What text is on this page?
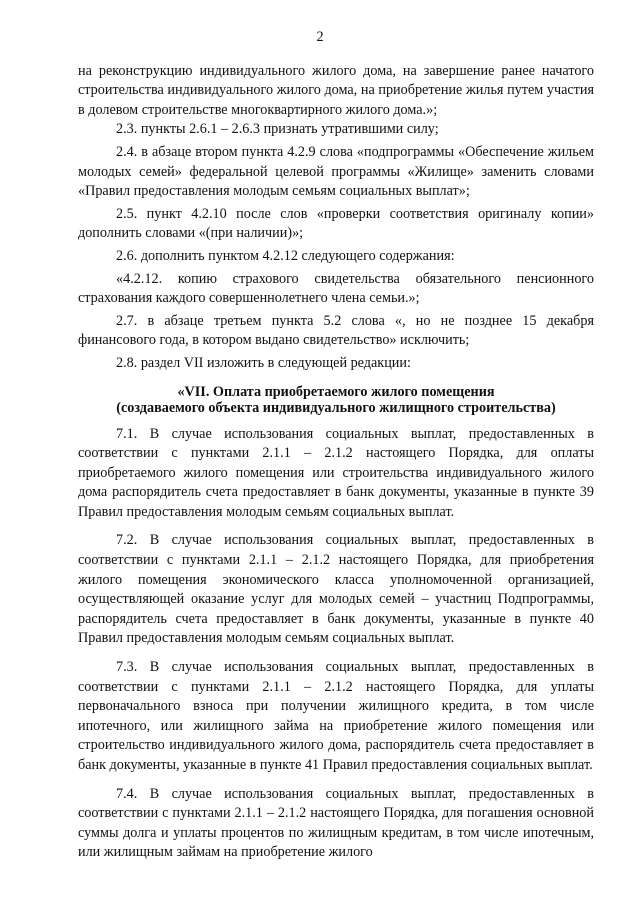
2

на реконструкцию индивидуального жилого дома, на завершение ранее начатого строительства индивидуального жилого дома, на приобретение жилья путем участия в долевом строительстве многоквартирного жилого дома.»;

2.3. пункты 2.6.1 – 2.6.3 признать утратившими силу;

2.4. в абзаце втором пункта 4.2.9 слова «подпрограммы «Обеспечение жильем молодых семей» федеральной целевой программы «Жилище» заменить словами «Правил предоставления молодым семьям социальных выплат»;

2.5. пункт 4.2.10 после слов «проверки соответствия оригиналу копии» дополнить словами «(при наличии)»;

2.6. дополнить пунктом 4.2.12 следующего содержания:

«4.2.12. копию страхового свидетельства обязательного пенсионного страхования каждого совершеннолетнего члена семьи.»;

2.7. в абзаце третьем пункта 5.2 слова «, но не позднее 15 декабря финансового года, в котором выдано свидетельство» исключить;

2.8. раздел VII изложить в следующей редакции:

«VII. Оплата приобретаемого жилого помещения
(создаваемого объекта индивидуального жилищного строительства)

7.1. В случае использования социальных выплат, предоставленных в соответствии с пунктами 2.1.1 – 2.1.2 настоящего Порядка, для оплаты приобретаемого жилого помещения или строительства индивидуального жилого дома распорядитель счета предоставляет в банк документы, указанные в пункте 39 Правил предоставления молодым семьям социальных выплат.

7.2. В случае использования социальных выплат, предоставленных в соответствии с пунктами 2.1.1 – 2.1.2 настоящего Порядка, для приобретения жилого помещения экономического класса уполномоченной организацией, осуществляющей оказание услуг для молодых семей – участниц Подпрограммы, распорядитель счета предоставляет в банк документы, указанные в пункте 40 Правил предоставления молодым семьям социальных выплат.

7.3. В случае использования социальных выплат, предоставленных в соответствии с пунктами 2.1.1 – 2.1.2 настоящего Порядка, для уплаты первоначального взноса при получении жилищного кредита, в том числе ипотечного, или жилищного займа на приобретение жилого помещения или строительство индивидуального жилого дома, распорядитель счета предоставляет в банк документы, указанные в пункте 41 Правил предоставления социальных выплат.

7.4. В случае использования социальных выплат, предоставленных в соответствии с пунктами 2.1.1 – 2.1.2 настоящего Порядка, для погашения основной суммы долга и уплаты процентов по жилищным кредитам, в том числе ипотечным, или жилищным займам на приобретение жилого
